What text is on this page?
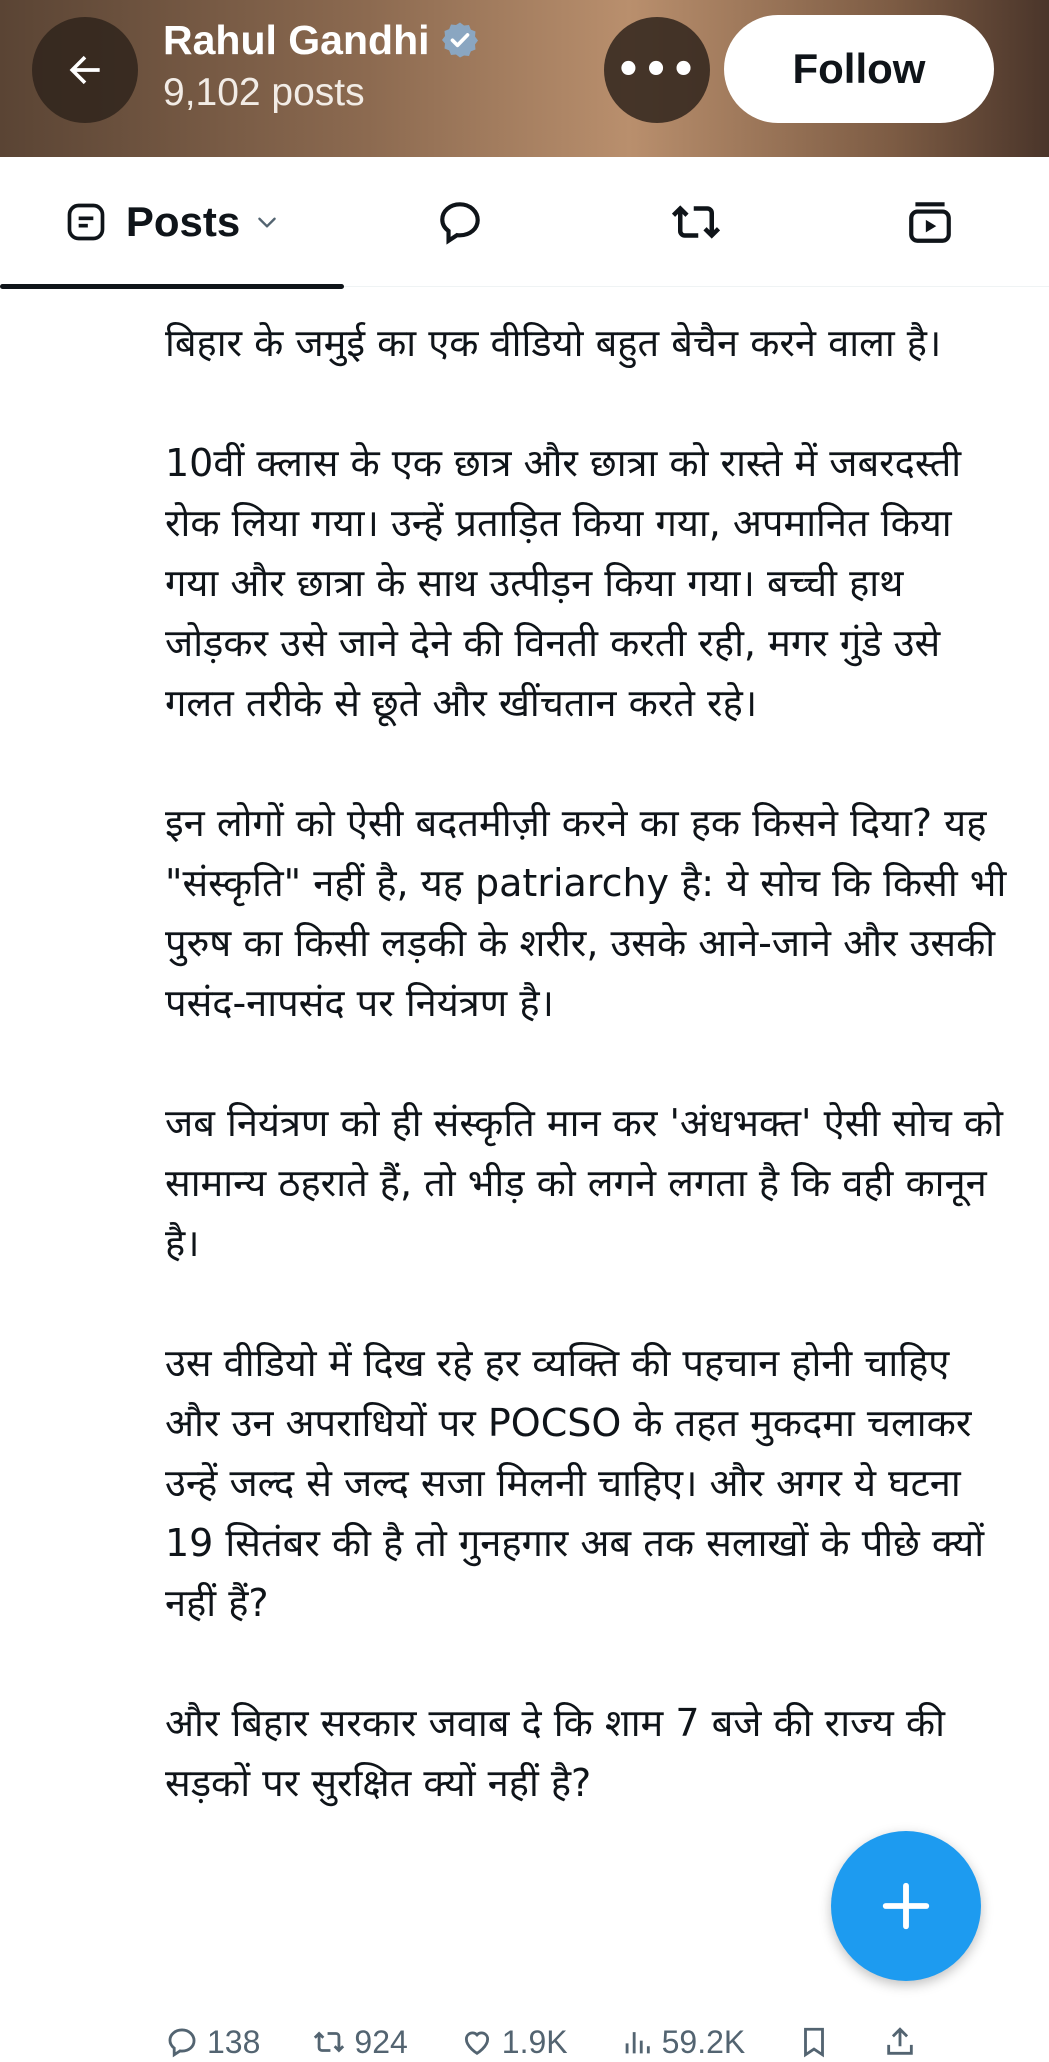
Rahul Gandhi
9,102 posts	•••	Follow
Posts

बिहार के जमुई का एक वीडियो बहुत बेचैन करने वाला है।

10वीं क्लास के एक छात्र और छात्रा को रास्ते में जबरदस्ती रोक लिया गया। उन्हें प्रताड़ित किया गया, अपमानित किया गया और छात्रा के साथ उत्पीड़न किया गया। बच्ची हाथ जोड़कर उसे जाने देने की विनती करती रही, मगर गुंडे उसे गलत तरीके से छूते और खींचतान करते रहे।

इन लोगों को ऐसी बदतमीज़ी करने का हक किसने दिया? यह "संस्कृति" नहीं है, यह patriarchy है: ये सोच कि किसी भी पुरुष का किसी लड़की के शरीर, उसके आने-जाने और उसकी पसंद-नापसंद पर नियंत्रण है।

जब नियंत्रण को ही संस्कृति मान कर 'अंधभक्त' ऐसी सोच को सामान्य ठहराते हैं, तो भीड़ को लगने लगता है कि वही कानून है।

उस वीडियो में दिख रहे हर व्यक्ति की पहचान होनी चाहिए और उन अपराधियों पर POCSO के तहत मुकदमा चलाकर उन्हें जल्द से जल्द सजा मिलनी चाहिए। और अगर ये घटना 19 सितंबर की है तो गुनहगार अब तक सलाखों के पीछे क्यों नहीं हैं?

और बिहार सरकार जवाब दे कि शाम 7 बजे की राज्य की सड़कों पर सुरक्षित क्यों नहीं है?

138	924	1.9K	59.2K
